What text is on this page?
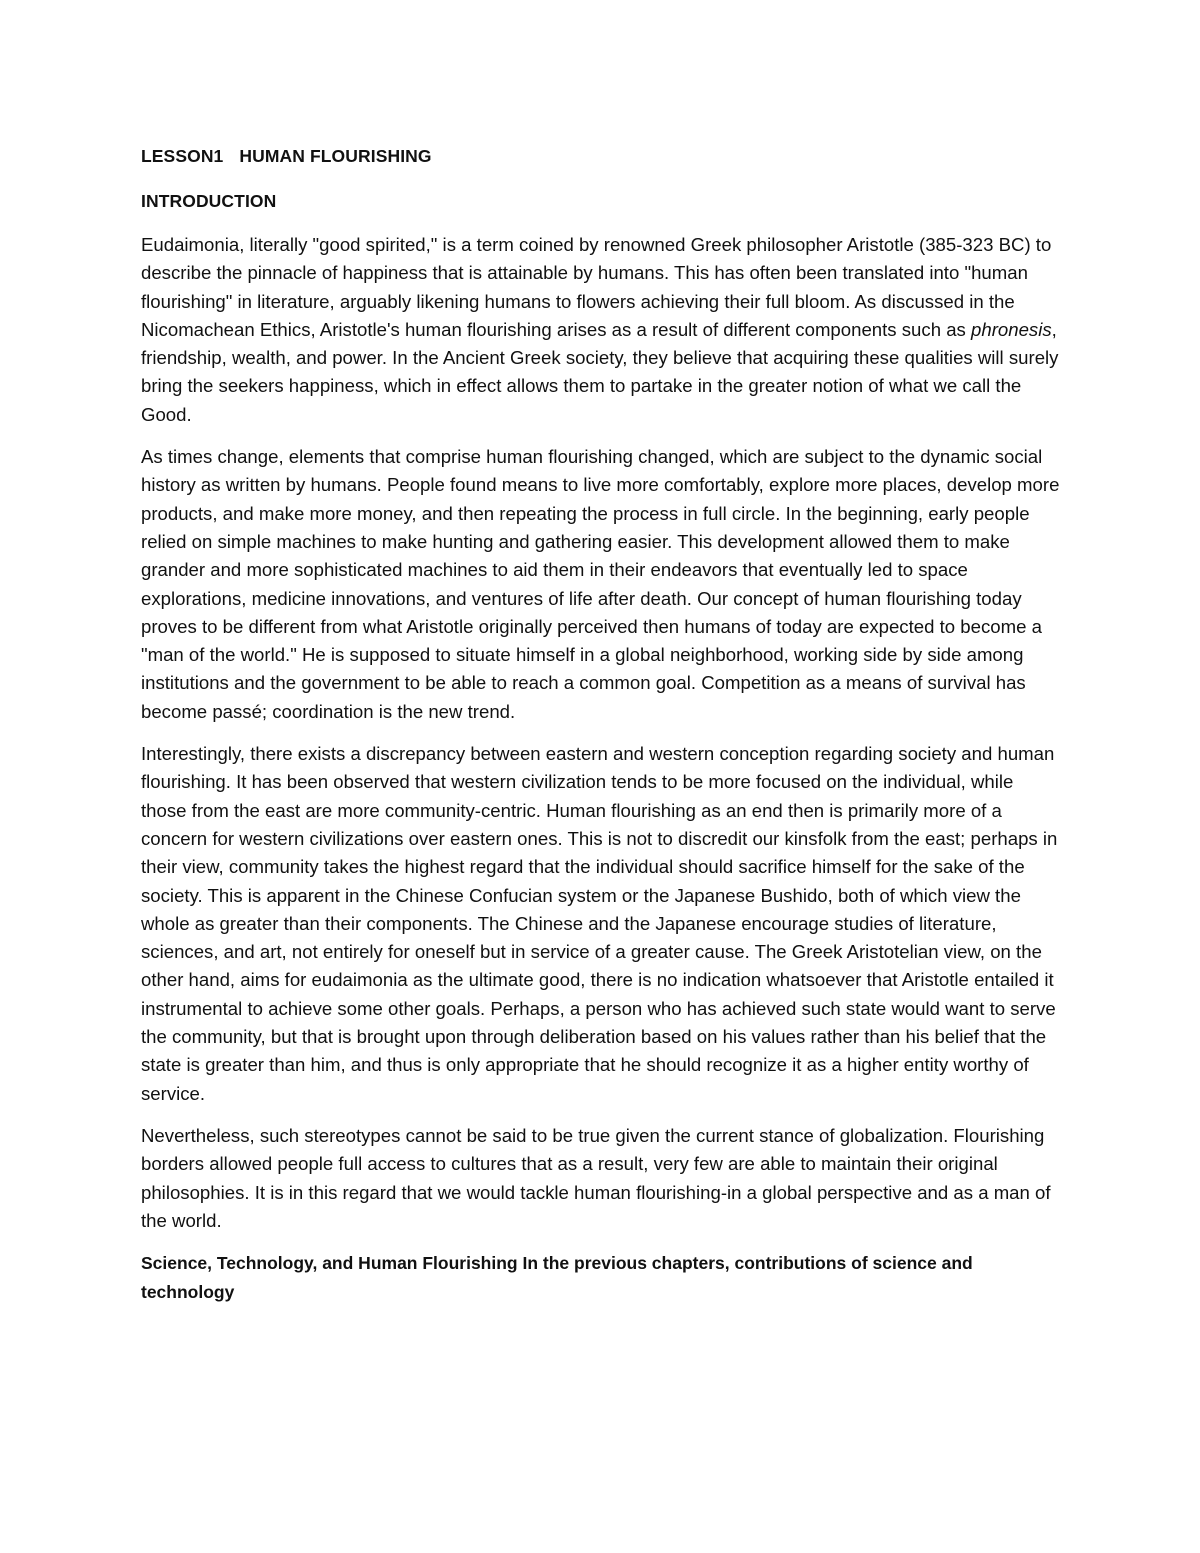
LESSON1 HUMAN FLOURISHING
INTRODUCTION

Eudaimonia, literally "good spirited," is a term coined by renowned Greek philosopher Aristotle (385-323 BC) to describe the pinnacle of happiness that is attainable by humans. This has often been translated into "human flourishing" in literature, arguably likening humans to flowers achieving their full bloom. As discussed in the Nicomachean Ethics, Aristotle's human flourishing arises as a result of different components such as phronesis, friendship, wealth, and power. In the Ancient Greek society, they believe that acquiring these qualities will surely bring the seekers happiness, which in effect allows them to partake in the greater notion of what we call the Good.

As times change, elements that comprise human flourishing changed, which are subject to the dynamic social history as written by humans. People found means to live more comfortably, explore more places, develop more products, and make more money, and then repeating the process in full circle. In the beginning, early people relied on simple machines to make hunting and gathering easier. This development allowed them to make grander and more sophisticated machines to aid them in their endeavors that eventually led to space explorations, medicine innovations, and ventures of life after death. Our concept of human flourishing today proves to be different from what Aristotle originally perceived then humans of today are expected to become a "man of the world." He is supposed to situate himself in a global neighborhood, working side by side among institutions and the government to be able to reach a common goal. Competition as a means of survival has become passé; coordination is the new trend.

Interestingly, there exists a discrepancy between eastern and western conception regarding society and human flourishing. It has been observed that western civilization tends to be more focused on the individual, while those from the east are more community-centric. Human flourishing as an end then is primarily more of a concern for western civilizations over eastern ones. This is not to discredit our kinsfolk from the east; perhaps in their view, community takes the highest regard that the individual should sacrifice himself for the sake of the society. This is apparent in the Chinese Confucian system or the Japanese Bushido, both of which view the whole as greater than their components. The Chinese and the Japanese encourage studies of literature, sciences, and art, not entirely for oneself but in service of a greater cause. The Greek Aristotelian view, on the other hand, aims for eudaimonia as the ultimate good, there is no indication whatsoever that Aristotle entailed it instrumental to achieve some other goals. Perhaps, a person who has achieved such state would want to serve the community, but that is brought upon through deliberation based on his values rather than his belief that the state is greater than him, and thus is only appropriate that he should recognize it as a higher entity worthy of service.

Nevertheless, such stereotypes cannot be said to be true given the current stance of globalization. Flourishing borders allowed people full access to cultures that as a result, very few are able to maintain their original philosophies. It is in this regard that we would tackle human flourishing-in a global perspective and as a man of the world.

Science, Technology, and Human Flourishing In the previous chapters, contributions of science and technology
